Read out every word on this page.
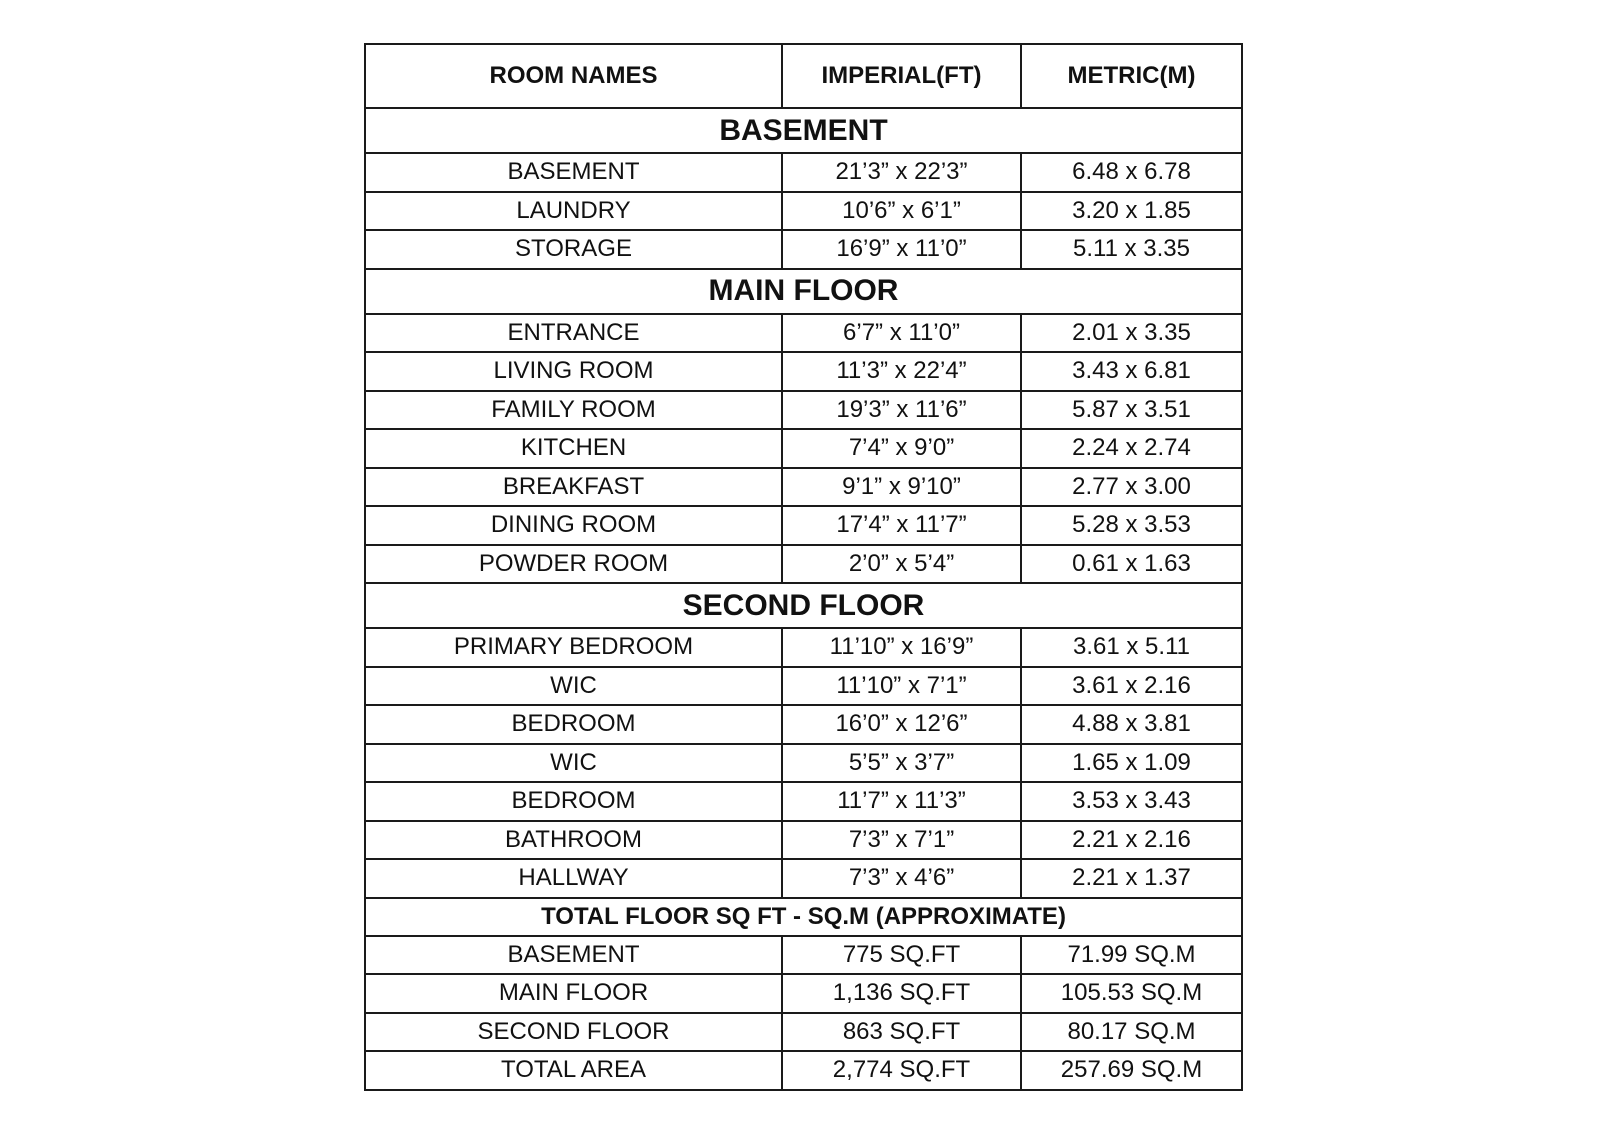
ROOM NAMES	IMPERIAL(FT)	METRIC(M)
BASEMENT		
BASEMENT	21’3” x 22’3”	6.48 x 6.78
LAUNDRY	10’6” x 6’1”	3.20 x 1.85
STORAGE	16’9” x 11’0”	5.11 x 3.35
MAIN FLOOR		
ENTRANCE	6’7” x 11’0”	2.01 x 3.35
LIVING ROOM	11’3” x 22’4”	3.43 x 6.81
FAMILY ROOM	19’3” x 11’6”	5.87 x 3.51
KITCHEN	7’4” x 9’0”	2.24 x 2.74
BREAKFAST	9’1” x 9’10”	2.77 x 3.00
DINING ROOM	17’4” x 11’7”	5.28 x 3.53
POWDER ROOM	2’0” x 5’4”	0.61 x 1.63
SECOND FLOOR		
PRIMARY BEDROOM	11’10” x 16’9”	3.61 x 5.11
WIC	11’10” x 7’1”	3.61 x 2.16
BEDROOM	16’0” x 12’6”	4.88 x 3.81
WIC	5’5” x 3’7”	1.65 x 1.09
BEDROOM	11’7” x 11’3”	3.53 x 3.43
BATHROOM	7’3” x 7’1”	2.21 x 2.16
HALLWAY	7’3” x 4’6”	2.21 x 1.37
TOTAL FLOOR SQ FT - SQ.M (APPROXIMATE)		
BASEMENT	775 SQ.FT	71.99 SQ.M
MAIN FLOOR	1,136 SQ.FT	105.53 SQ.M
SECOND FLOOR	863 SQ.FT	80.17 SQ.M
TOTAL AREA	2,774 SQ.FT	257.69 SQ.M
